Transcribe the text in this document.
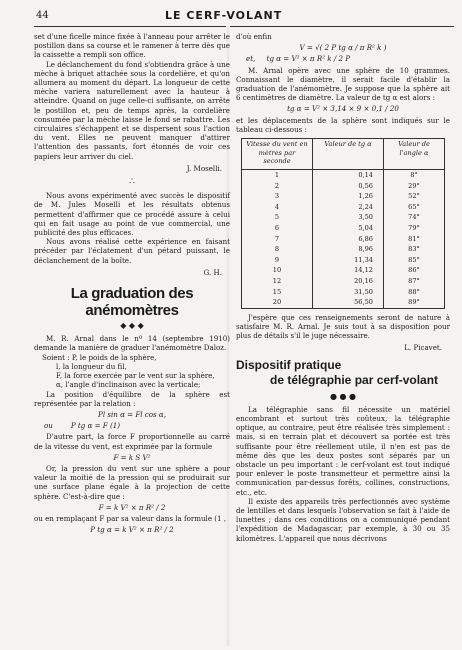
44	LE CERF-VOLANT

set d'une ficelle mince fixée à l'anneau pour arrêter le postillon dans sa course et le ramener à terre dès que la caissette a rempli son office.

Le déclanchement du fond s'obtiendra grâce à une mèche à briquet attachée sous la cordelière, et qu'on allumera au moment du départ. La longueur de cette mèche variera naturellement avec la hauteur à atteindre. Quand on juge celle-ci suffisante, on arrête le postillon et, peu de temps après, la cordelière consumée par la mèche laisse le fond se rabattre. Les circulaires s'échappent et se dispersent sous l'action du vent. Elles ne peuvent manquer d'attirer l'attention des passants, fort étonnés de voir ces papiers leur arriver du ciel.

J. Moselli.

∴

Nous avons expérimenté avec succès le dispositif de M. Jules Moselli et les résultats obtenus permettent d'affirmer que ce procédé assure à celui qui en fait usage au point de vue commercial, une publicité des plus efficaces.

Nous avons réalisé cette expérience en faisant précéder par l'éclatement d'un pétard puissant, le déclanchement de la boîte.

G. H.

La graduation des anémomètres
◆ ◆ ◆

M. R. Arnal dans le nº 14 (septembre 1910) demande la manière de graduer l'anémomètre Daloz.

Soient : P, le poids de la sphère,

l, la longueur du fil,

F, la force exercée par le vent sur la sphère,

α, l'angle d'inclinaison avec la verticale;

La position d'équilibre de la sphère est représentée par la relation :

Pl sin α = Fl cos α,

ou	P tg α = F (1)

D'autre part, la force F proportionnelle au carré de la vitesse du vent, est exprimée par la formule

F = k S V²

Or, la pression du vent sur une sphère a pour valeur la moitié de la pression qui se produirait sur une surface plane égale à la projection de cette sphère. C'est-à-dire que :

F = k V² × π R² / 2

ou en remplaçant F par sa valeur dans la formule (1 ,

P tg α = k V² × π R² / 2

d'où enfin

V = √( 2 P tg α / π R² k )

et, tg α = V² × π R² k / 2 P

M. Arnal opère avec une sphère de 10 grammes. Connaissant le diamètre, il serait facile d'établir la graduation de l'anémomètre. Je suppose que la sphère ait 6 centimètres de diamètre. La valeur de tg α est alors :

tg α = V² × 3,14 × 9 × 0,1 / 20

et les déplacements de la sphère sont indiqués sur le tableau ci-dessous :

Vitesse du vent en mètres par seconde	Valeur de tg α	Valeur de l'angle α
1	0,14	8°
2	0,56	29°
3	1,26	52°
4	2,24	65°
5	3,50	74°
6	5,04	79°
7	6,86	81°
8	8,96	83°
9	11,34	85°
10	14,12	86°
12	20,16	87°
15	31,50	88°
20	56,50	89°

J'espère que ces renseignements seront de nature à satisfaire M. R. Arnal. Je suis tout à sa disposition pour plus de détails s'il le juge nécessaire.

L. Picavet.

Dispositif pratique
de télégraphie par cerf-volant
● ● ●

La télégraphie sans fil nécessite un matériel encombrant et surtout très coûteux, la télégraphie optique, au contraire, peut être réalisée très simplement : mais, si en terrain plat et découvert sa portée est très suffisante pour être réellement utile, il n'en est pas de même dès que les deux postes sont séparés par un obstacle un peu important : le cerf-volant est tout indiqué pour enlever le poste transmetteur et permettre ainsi la communication par-dessus forêts, collines, constructions, etc., etc.

Il existe des appareils très perfectionnés avec système de lentilles et dans lesquels l'observation se fait à l'aide de lunettes ; dans ces conditions on a communiqué pendant l'expédition de Madagascar, par exemple, à 30 ou 35 kilomètres. L'appareil que nous décrivons
